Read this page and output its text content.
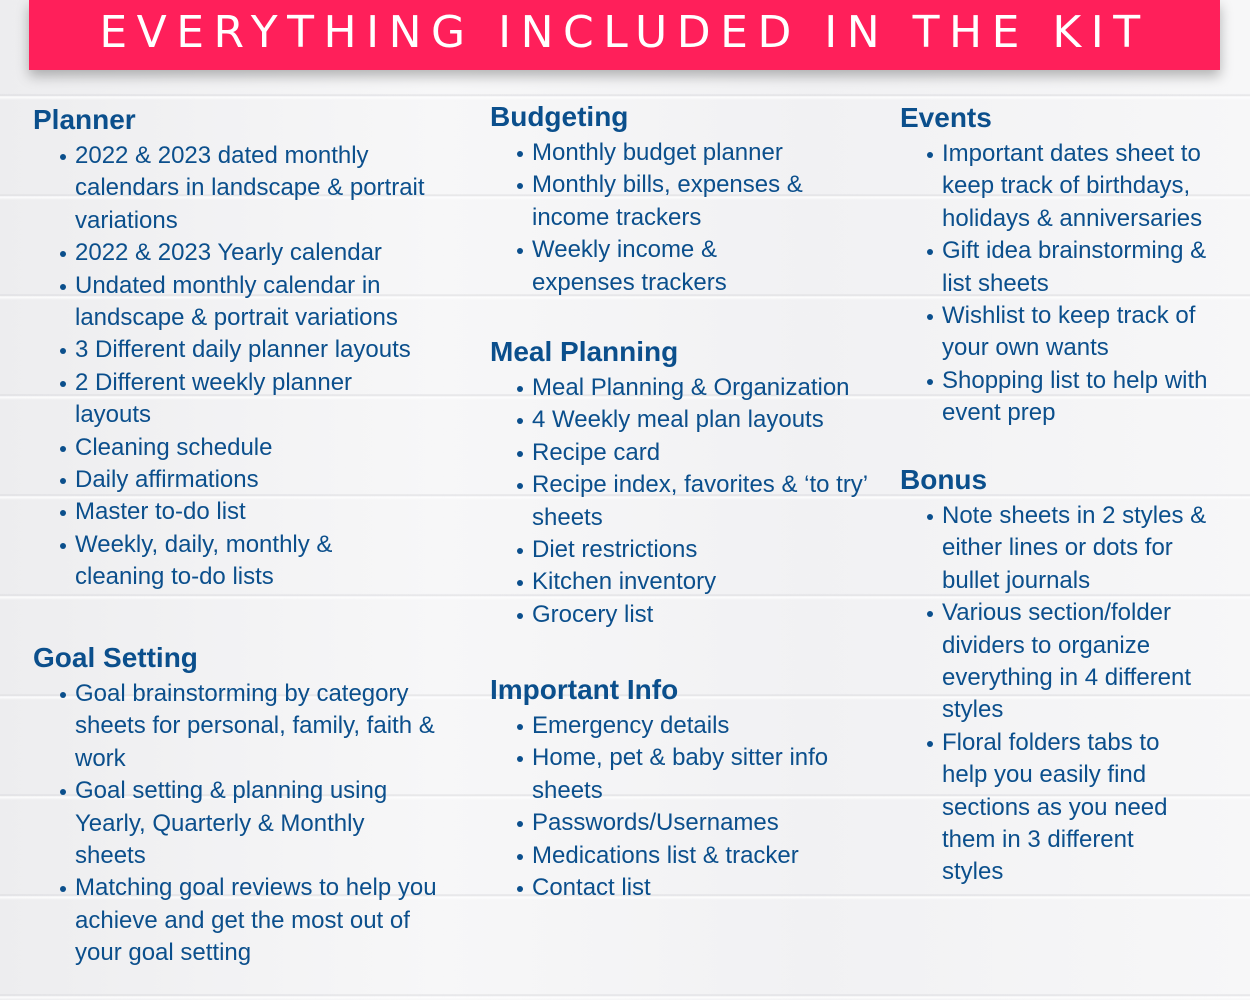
EVERYTHING INCLUDED IN THE KIT
Planner
2022 & 2023 dated monthly calendars in landscape & portrait variations
2022 & 2023 Yearly calendar
Undated monthly calendar in landscape & portrait variations
3 Different daily planner layouts
2 Different weekly planner layouts
Cleaning schedule
Daily affirmations
Master to-do list
Weekly, daily, monthly & cleaning to-do lists
Goal Setting
Goal brainstorming by category sheets for personal, family, faith & work
Goal setting & planning using Yearly, Quarterly & Monthly sheets
Matching goal reviews to help you achieve and get the most out of your goal setting
Budgeting
Monthly budget planner
Monthly bills, expenses & income trackers
Weekly income & expenses trackers
Meal Planning
Meal Planning & Organization
4 Weekly meal plan layouts
Recipe card
Recipe index, favorites & ‘to try’ sheets
Diet restrictions
Kitchen inventory
Grocery list
Important Info
Emergency details
Home, pet & baby sitter info sheets
Passwords/Usernames
Medications list & tracker
Contact list
Events
Important dates sheet to keep track of birthdays, holidays & anniversaries
Gift idea brainstorming & list sheets
Wishlist to keep track of your own wants
Shopping list to help with event prep
Bonus
Note sheets in 2 styles & either lines or dots for bullet journals
Various section/folder dividers to organize everything in 4 different styles
Floral folders tabs to help you easily find sections as you need them in 3 different styles
